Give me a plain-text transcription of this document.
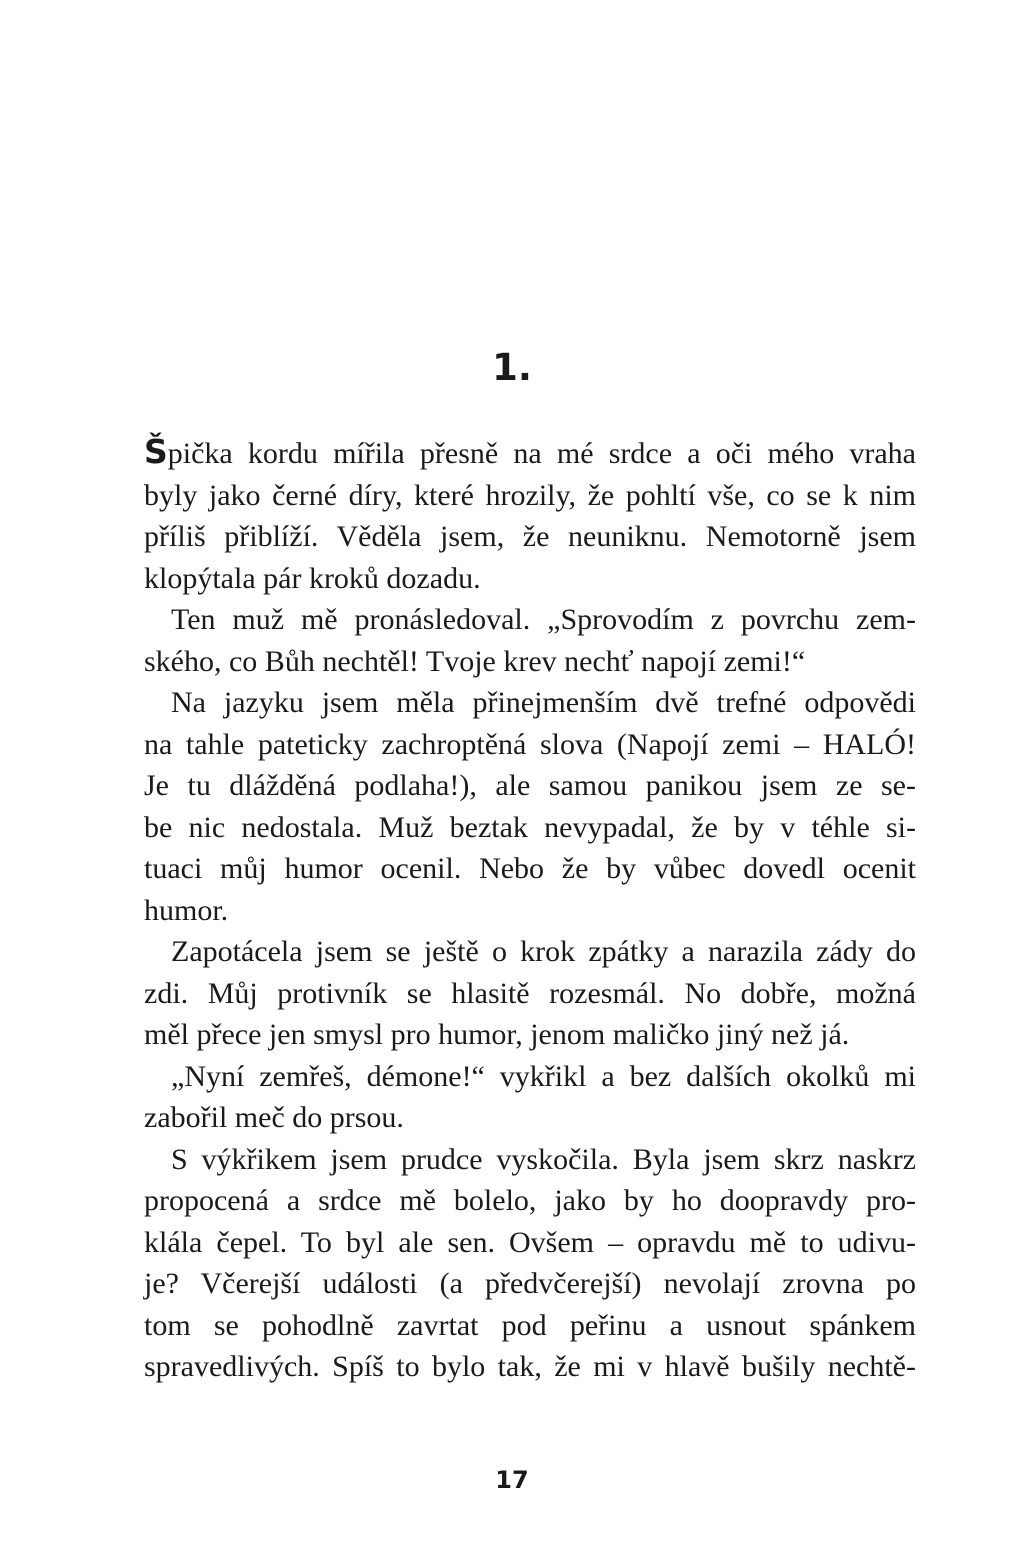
1.
Špička kordu mířila přesně na mé srdce a oči mého vraha
byly jako černé díry, které hrozily, že pohltí vše, co se k nim
příliš přiblíží. Věděla jsem, že neuniknu. Nemotorně jsem
klopýtala pár kroků dozadu.
Ten muž mě pronásledoval. „Sprovodím z povrchu zem-
ského, co Bůh nechtěl! Tvoje krev nechť napojí zemi!“
Na jazyku jsem měla přinejmenším dvě trefné odpovědi
na tahle pateticky zachroptěná slova (Napojí zemi – HALÓ!
Je tu dlážděná podlaha!), ale samou panikou jsem ze se-
be nic nedostala. Muž beztak nevypadal, že by v téhle si-
tuaci můj humor ocenil. Nebo že by vůbec dovedl ocenit
humor.
Zapotácela jsem se ještě o krok zpátky a narazila zády do
zdi. Můj protivník se hlasitě rozesmál. No dobře, možná
měl přece jen smysl pro humor, jenom maličko jiný než já.
„Nyní zemřeš, démone!“ vykřikl a bez dalších okolků mi
zabořil meč do prsou.
S výkřikem jsem prudce vyskočila. Byla jsem skrz naskrz
propocená a srdce mě bolelo, jako by ho doopravdy pro-
klála čepel. To byl ale sen. Ovšem – opravdu mě to udivu-
je? Včerejší události (a předvčerejší) nevolají zrovna po
tom se pohodlně zavrtat pod peřinu a usnout spánkem
spravedlivých. Spíš to bylo tak, že mi v hlavě bušily nechtě-
17
